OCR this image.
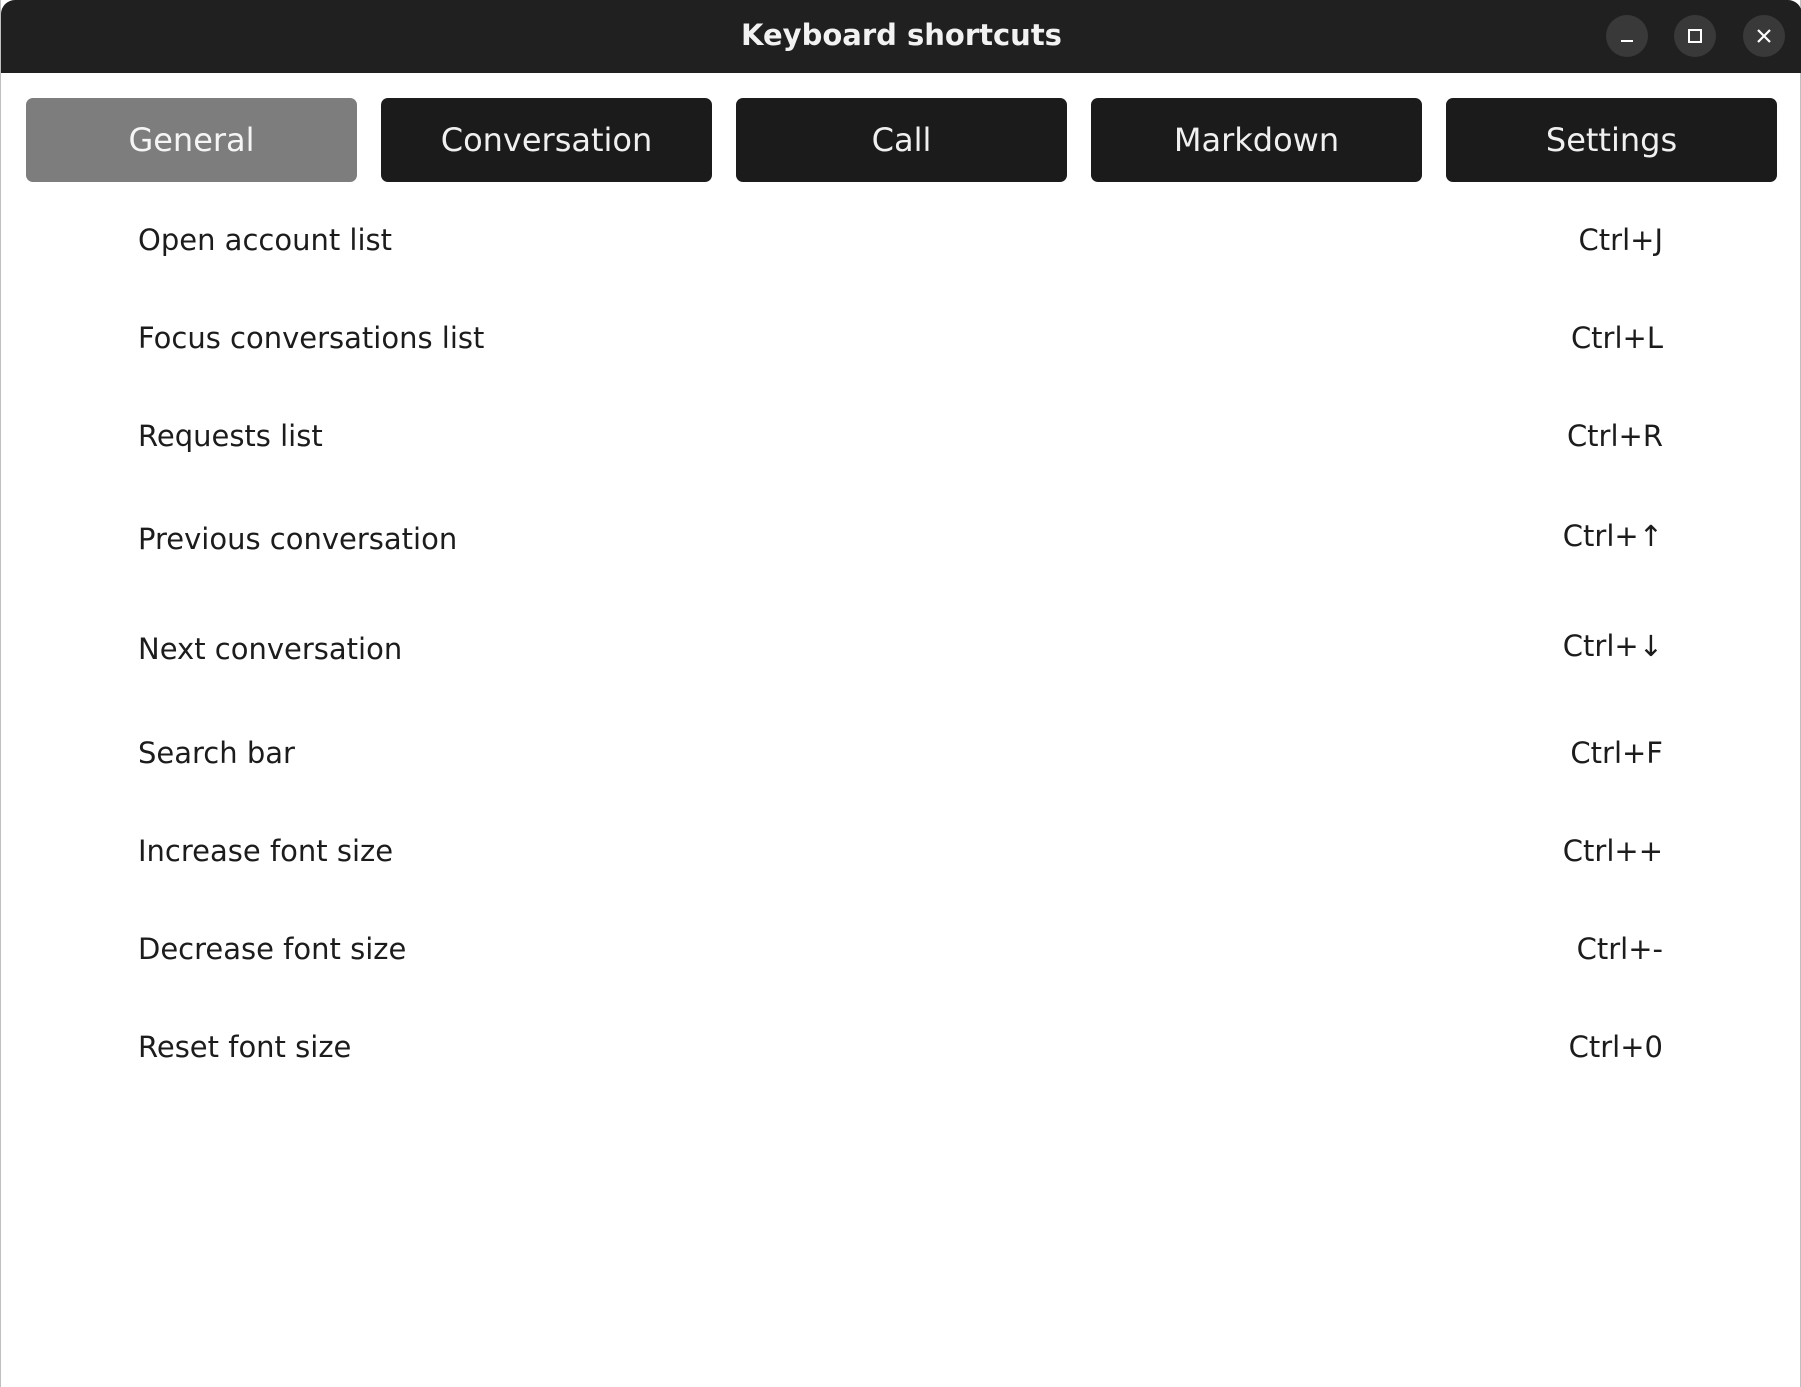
Keyboard shortcuts
General	Conversation	Call	Markdown	Settings
Open account list	Ctrl+J
Focus conversations list	Ctrl+L
Requests list	Ctrl+R
Previous conversation	Ctrl+↑
Next conversation	Ctrl+↓
Search bar	Ctrl+F
Increase font size	Ctrl++
Decrease font size	Ctrl+-
Reset font size	Ctrl+0
